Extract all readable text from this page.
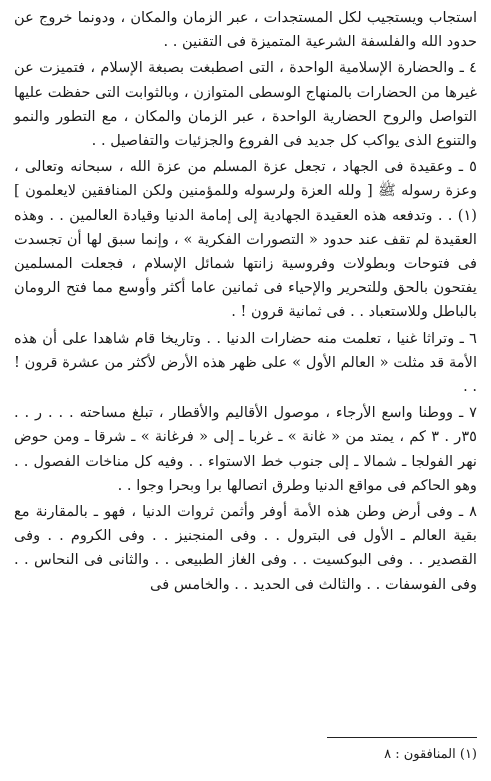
استجاب ويستجيب لكل المستجدات ، عبر الزمان والمكان ، ودونما خروج عن حدود الله والفلسفة الشرعية المتميزة فى التقنين . .

٤ ـ والحضارة الإسلامية الواحدة ، التى اصطبغت بصبغة الإسلام ، فتميزت عن غيرها من الحضارات بالمنهاج الوسطى المتوازن ، وبالثوابت التى حفظت عليها التواصل والروح الحضارية الواحدة ، عبر الزمان والمكان ، مع التطور والنمو والتنوع الذى يواكب كل جديد فى الفروع والجزئيات والتفاصيل . .

٥ ـ وعقيدة فى الجهاد ، تجعل عزة المسلم من عزة الله ، سبحانه وتعالى ، وعزة رسوله ﷺ [ ولله العزة ولرسوله وللمؤمنين ولكن المنافقين لايعلمون ] (١) . . وتدفعه هذه العقيدة الجهادية إلى إمامة الدنيا وقيادة العالمين . . وهذه العقيدة لم تقف عند حدود « التصورات الفكرية » ، وإنما سبق لها أن تجسدت فى فتوحات وبطولات وفروسية زانتها شمائل الإسلام ، فجعلت المسلمين يفتحون بالحق وللتحرير والإحياء فى ثمانين عاما أكثر وأوسع مما فتح الرومان بالباطل وللاستعباد . . فى ثمانية قرون ! .

٦ ـ وتراثا غنيا ، تعلمت منه حضارات الدنيا . . وتاريخا قام شاهدا على أن هذه الأمة قد مثلت « العالم الأول » على ظهر هذه الأرض لأكثر من عشرة قرون ! . .

٧ ـ ووطنا واسع الأرجاء ، موصول الأقاليم والأقطار ، تبلغ مساحته . . . ر . . ٣٥ر . ٣ كم ، يمتد من « غانة » ـ غربا ـ إلى « فرغانة » ـ شرقا ـ ومن حوض نهر الفولجا ـ شمالا ـ إلى جنوب خط الاستواء . . وفيه كل مناخات الفصول . . وهو الحاكم فى مواقع الدنيا وطرق اتصالها برا وبحرا وجوا . .

٨ ـ وفى أرض وطن هذه الأمة أوفر وأثمن ثروات الدنيا ، فهو ـ بالمقارنة مع بقية العالم ـ الأول فى البترول . . وفى المنجنيز . . وفى الكروم . . وفى القصدير . . وفى البوكسيت . . وفى الغاز الطبيعى . . والثانى فى النحاس . . وفى الفوسفات . . والثالث فى الحديد . . والخامس فى

(١) المنافقون : ٨
